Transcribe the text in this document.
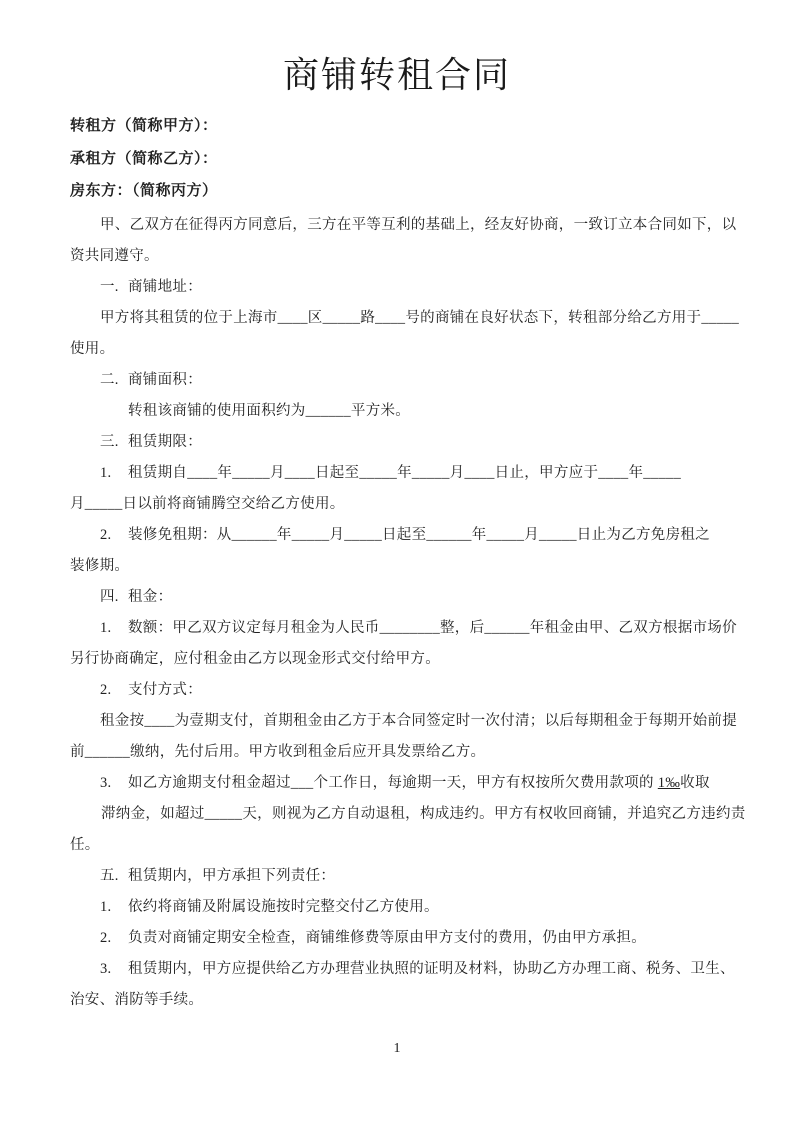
商铺转租合同

转租方（简称甲方）：

承租方（简称乙方）：

房东方：（简称丙方）

甲、乙双方在征得丙方同意后，三方在平等互利的基础上，经友好协商，一致订立本合同如下，以

资共同遵守。

一. 商铺地址：

甲方将其租赁的位于上海市____区_____路____号的商铺在良好状态下，转租部分给乙方用于_____

使用。

二. 商铺面积：

转租该商铺的使用面积约为______平方米。

三. 租赁期限：

1. 租赁期自____年_____月____日起至_____年_____月____日止，甲方应于____年_____

月_____日以前将商铺腾空交给乙方使用。

2. 装修免租期：从______年_____月_____日起至______年_____月_____日止为乙方免房租之

装修期。

四. 租金：

1. 数额：甲乙双方议定每月租金为人民币________整，后______年租金由甲、乙双方根据市场价

另行协商确定，应付租金由乙方以现金形式交付给甲方。

2. 支付方式：

租金按____为壹期支付，首期租金由乙方于本合同签定时一次付清；以后每期租金于每期开始前提

前______缴纳，先付后用。甲方收到租金后应开具发票给乙方。

3. 如乙方逾期支付租金超过___个工作日，每逾期一天，甲方有权按所欠费用款项的 1‰收取

滞纳金，如超过_____天，则视为乙方自动退租，构成违约。甲方有权收回商铺，并追究乙方违约责

任。

五. 租赁期内，甲方承担下列责任：

1. 依约将商铺及附属设施按时完整交付乙方使用。

2. 负责对商铺定期安全检查，商铺维修费等原由甲方支付的费用，仍由甲方承担。

3. 租赁期内，甲方应提供给乙方办理营业执照的证明及材料，协助乙方办理工商、税务、卫生、

治安、消防等手续。

1
